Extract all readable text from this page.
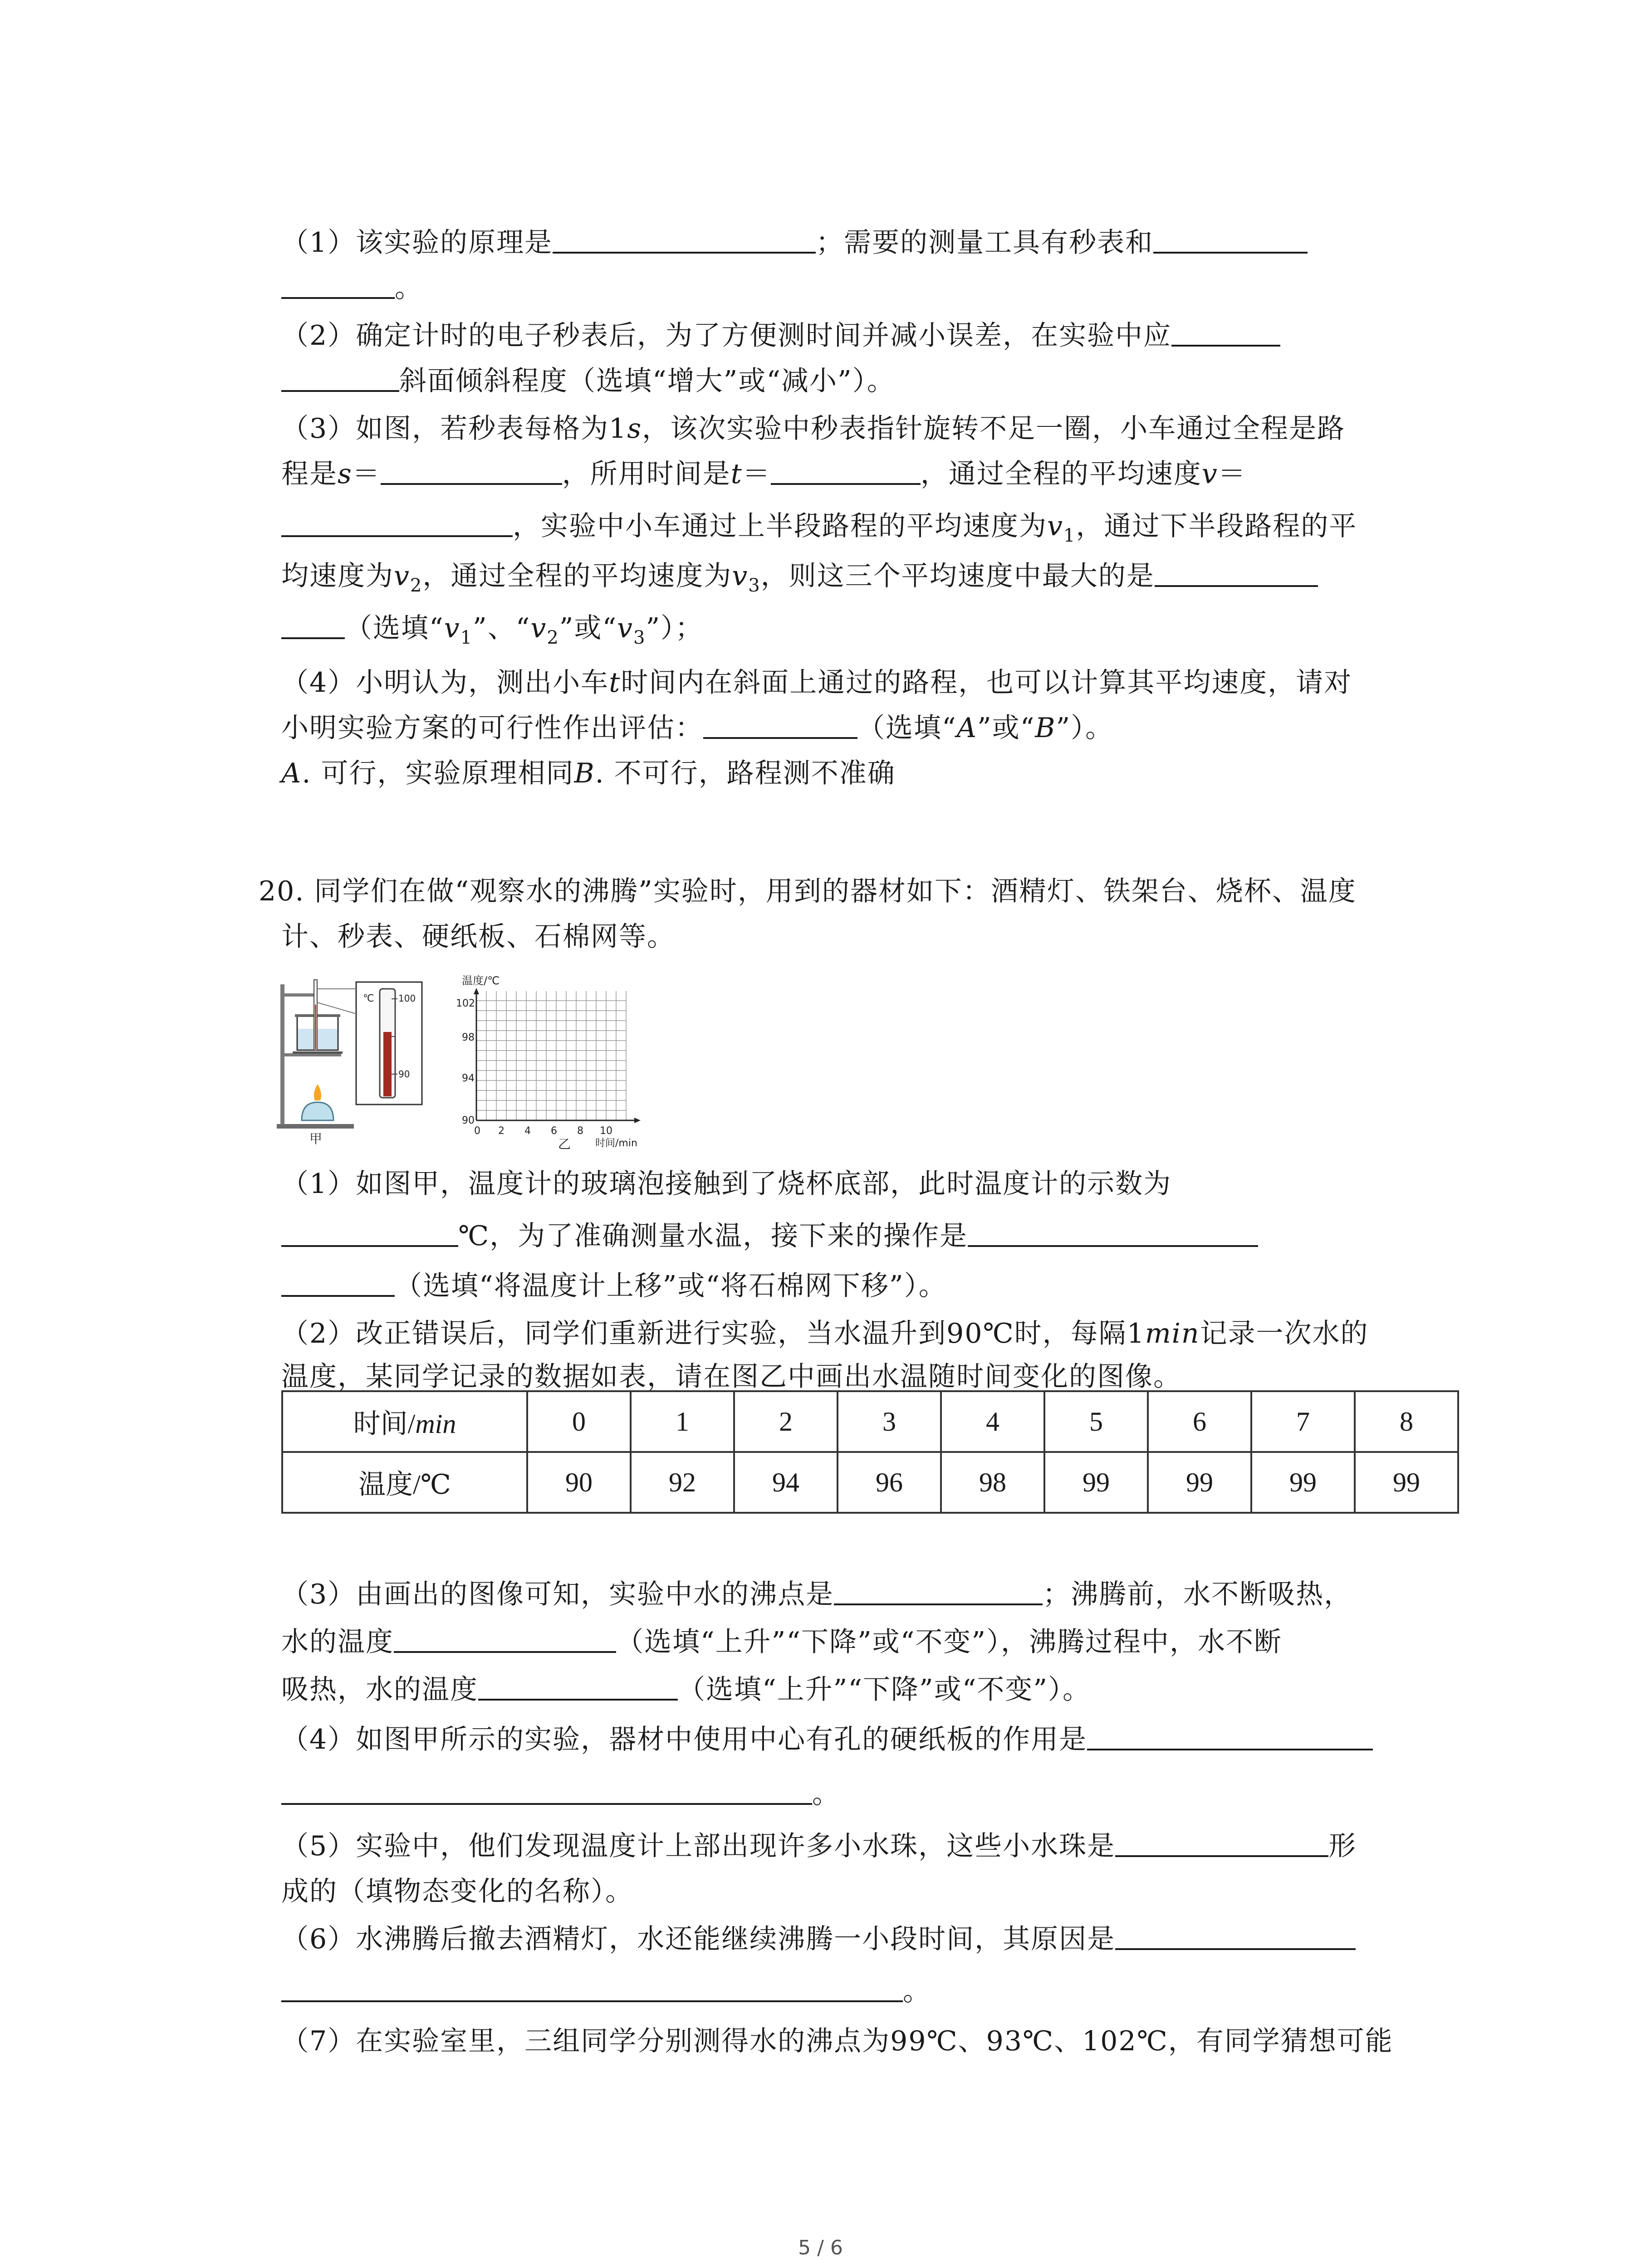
（1）该实验的原理是	；需要的测量工具有秒表和
。
（2）确定计时的电子秒表后，为了方便测时间并减小误差，在实验中应
斜面倾斜程度（选填“增大”或“减小”）。
（3）如图，若秒表每格为1s，该次实验中秒表指针旋转不足一圈，小车通过全程是路
程是s＝	，所用时间是t＝	，通过全程的平均速度v＝
，实验中小车通过上半段路程的平均速度为$v_1$，通过下半段路程的平
均速度为$v_2$，通过全程的平均速度为$v_3$，则这三个平均速度中最大的是
（选填“$v_1$”、“$v_2$”或“$v_3$”）；
（4）小明认为，测出小车t时间内在斜面上通过的路程，也可以计算其平均速度，请对
小明实验方案的可行性作出评估：	（选填“A”或“B”）。
A. 可行，实验原理相同B. 不可行，路程测不准确
20. 同学们在做“观察水的沸腾”实验时，用到的器材如下：酒精灯、铁架台、烧杯、温度
计、秒表、硬纸板、石棉网等。
℃	100
90
甲
温度/℃
102
98
94
90
0 2 4 6 8 10
乙 时间/min
（1）如图甲，温度计的玻璃泡接触到了烧杯底部，此时温度计的示数为
℃，为了准确测量水温，接下来的操作是
（选填“将温度计上移”或“将石棉网下移”）。
（2）改正错误后，同学们重新进行实验，当水温升到90℃时，每隔1min记录一次水的
温度，某同学记录的数据如表，请在图乙中画出水温随时间变化的图像。
时间/min	0	1	2	3	4	5	6	7	8
温度/℃	90	92	94	96	98	99	99	99	99
（3）由画出的图像可知，实验中水的沸点是	；沸腾前，水不断吸热，
水的温度	（选填“上升”“下降”或“不变”），沸腾过程中，水不断
吸热，水的温度	（选填“上升”“下降”或“不变”）。
（4）如图甲所示的实验，器材中使用中心有孔的硬纸板的作用是
。
（5）实验中，他们发现温度计上部出现许多小水珠，这些小水珠是	形
成的（填物态变化的名称）。
（6）水沸腾后撤去酒精灯，水还能继续沸腾一小段时间，其原因是
。
（7）在实验室里，三组同学分别测得水的沸点为99℃、93℃、102℃，有同学猜想可能
5 / 6
